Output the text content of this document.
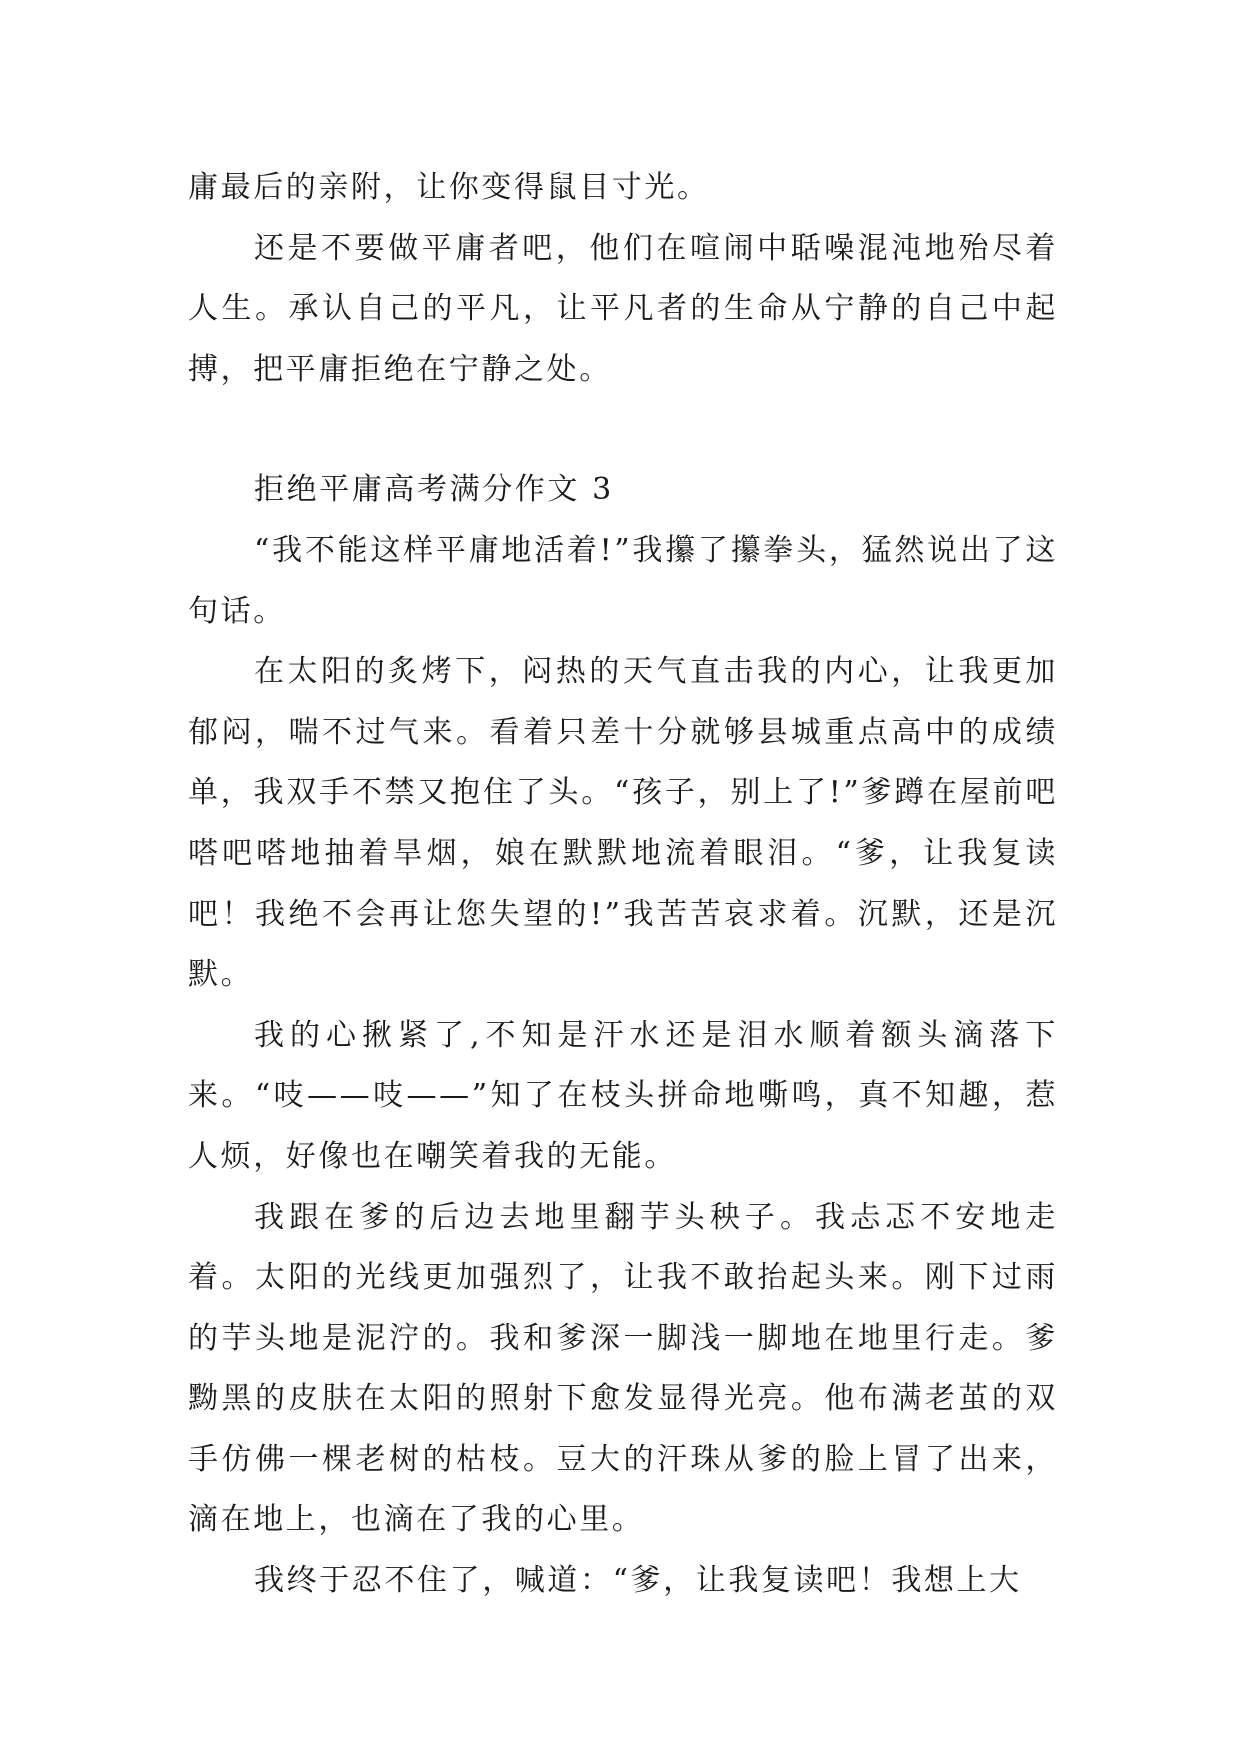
庸最后的亲附，让你变得鼠目寸光。

还是不要做平庸者吧，他们在喧闹中聒噪混沌地殆尽着人生。承认自己的平凡，让平凡者的生命从宁静的自己中起搏，把平庸拒绝在宁静之处。

拒绝平庸高考满分作文 3

“我不能这样平庸地活着!”我攥了攥拳头，猛然说出了这句话。

在太阳的炙烤下，闷热的天气直击我的内心，让我更加郁闷，喘不过气来。看着只差十分就够县城重点高中的成绩单，我双手不禁又抱住了头。“孩子，别上了!”爹蹲在屋前吧嗒吧嗒地抽着旱烟，娘在默默地流着眼泪。“爹，让我复读吧！我绝不会再让您失望的!”我苦苦哀求着。沉默，还是沉默。

我的心揪紧了,不知是汗水还是泪水顺着额头滴落下来。“吱——吱——”知了在枝头拼命地嘶鸣，真不知趣，惹人烦，好像也在嘲笑着我的无能。

我跟在爹的后边去地里翻芋头秧子。我忐忑不安地走着。太阳的光线更加强烈了，让我不敢抬起头来。刚下过雨的芋头地是泥泞的。我和爹深一脚浅一脚地在地里行走。爹黝黑的皮肤在太阳的照射下愈发显得光亮。他布满老茧的双手仿佛一棵老树的枯枝。豆大的汗珠从爹的脸上冒了出来，滴在地上，也滴在了我的心里。

我终于忍不住了，喊道：“爹，让我复读吧！我想上大
